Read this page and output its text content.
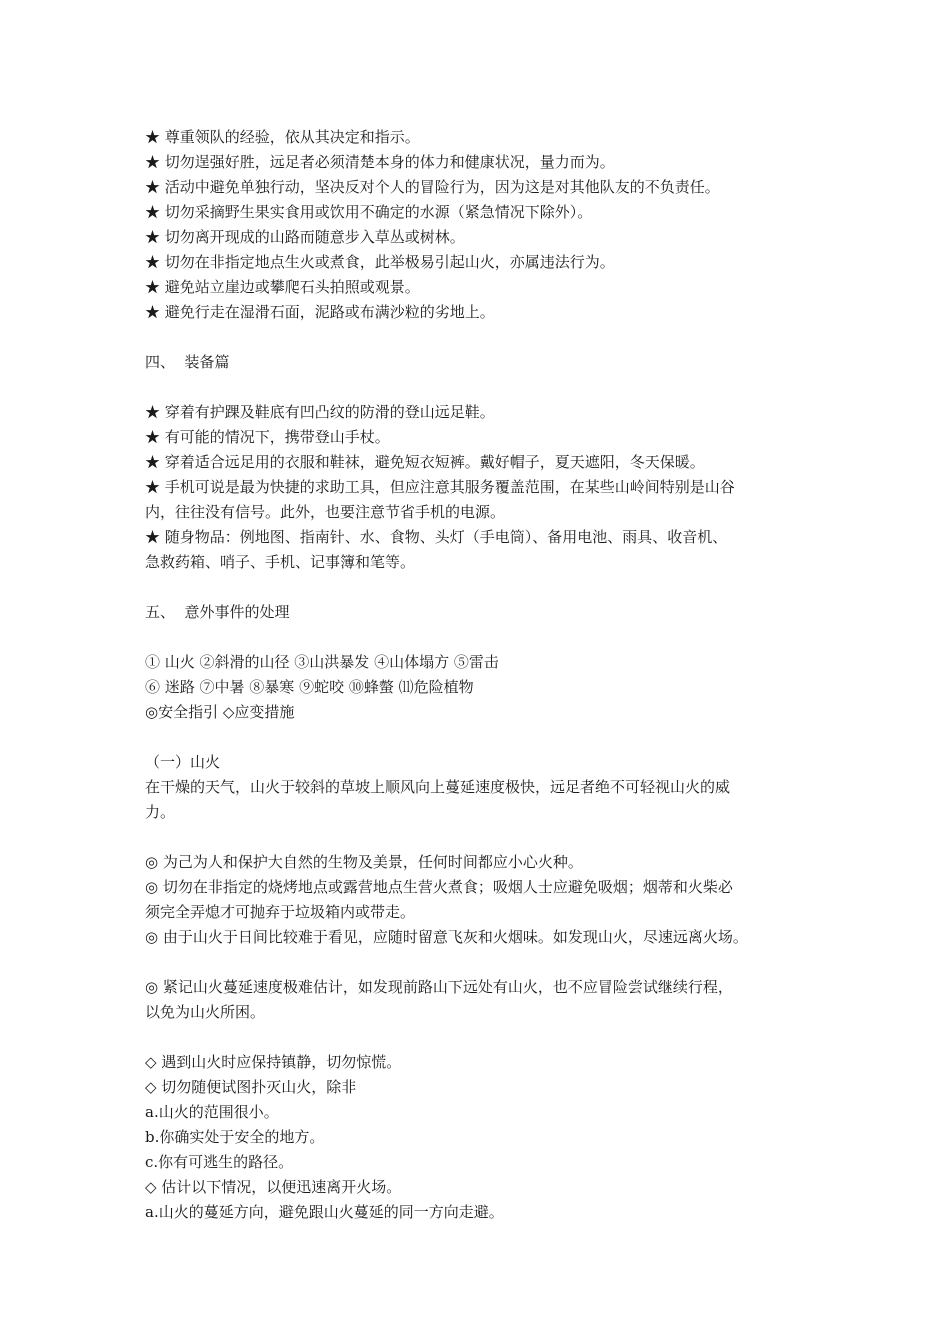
★ 尊重领队的经验，依从其决定和指示。
★ 切勿逞强好胜，远足者必须清楚本身的体力和健康状况，量力而为。
★ 活动中避免单独行动，坚决反对个人的冒险行为，因为这是对其他队友的不负责任。
★ 切勿采摘野生果实食用或饮用不确定的水源（紧急情况下除外）。
★ 切勿离开现成的山路而随意步入草丛或树林。
★ 切勿在非指定地点生火或煮食，此举极易引起山火，亦属违法行为。
★ 避免站立崖边或攀爬石头拍照或观景。
★ 避免行走在湿滑石面，泥路或布满沙粒的劣地上。
四、  装备篇
★ 穿着有护踝及鞋底有凹凸纹的防滑的登山远足鞋。
★ 有可能的情况下，携带登山手杖。
★ 穿着适合远足用的衣服和鞋袜，避免短衣短裤。戴好帽子，夏天遮阳，冬天保暖。
★ 手机可说是最为快捷的求助工具，但应注意其服务覆盖范围，在某些山岭间特别是山谷
内，往往没有信号。此外，也要注意节省手机的电源。
★ 随身物品：例地图、指南针、水、食物、头灯（手电筒）、备用电池、雨具、收音机、
急救药箱、哨子、手机、记事簿和笔等。
五、  意外事件的处理
① 山火 ②斜滑的山径 ③山洪暴发 ④山体塌方 ⑤雷击
⑥ 迷路 ⑦中暑 ⑧暴寒 ⑨蛇咬 ⑩蜂螫 ⑾危险植物
◎安全指引 ◇应变措施
（一）山火
在干燥的天气，山火于较斜的草坡上顺风向上蔓延速度极快，远足者绝不可轻视山火的威
力。
◎ 为己为人和保护大自然的生物及美景，任何时间都应小心火种。
◎ 切勿在非指定的烧烤地点或露营地点生营火煮食；吸烟人士应避免吸烟；烟蒂和火柴必
须完全弄熄才可抛弃于垃圾箱内或带走。
◎ 由于山火于日间比较难于看见，应随时留意飞灰和火烟味。如发现山火，尽速远离火场。
◎ 紧记山火蔓延速度极难估计，如发现前路山下远处有山火，也不应冒险尝试继续行程，
以免为山火所困。
◇ 遇到山火时应保持镇静，切勿惊慌。
◇ 切勿随便试图扑灭山火，除非
a.山火的范围很小。
b.你确实处于安全的地方。
c.你有可逃生的路径。
◇ 估计以下情况，以便迅速离开火场。
a.山火的蔓延方向，避免跟山火蔓延的同一方向走避。
